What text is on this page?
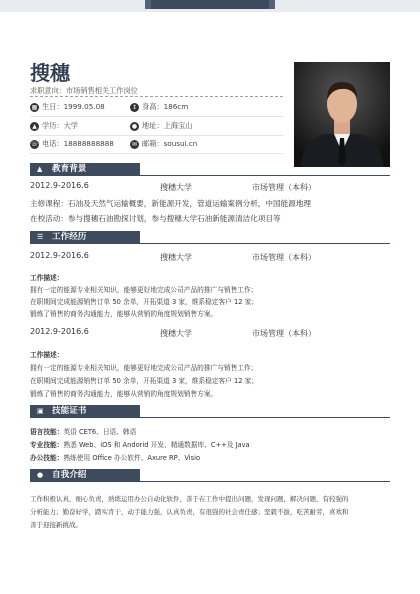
搜穗
求职意向：市场销售相关工作岗位
▦ 生日：1999.05.08	↕ 身高：186cm
▲ 学历：大学	● 地址：上海宝山
☏ 电话：18888888888	✉ 邮箱：sousui.cn
▲	教育背景
2012.9-2016.6	搜穗大学	市场管理（本科）
主修课程：石油及天然气运输概要，新能源开发，管道运输案例分析，中国能源地理
在校活动：参与搜穗石油勘探讨划，参与搜穗大学石油新能源清洁化项目等
☰	工作经历
2012.9-2016.6	搜穗大学	市场管理（本科）
工作描述：
拥有一定的能源专业相关知识，能够更好地完成公司产品的推广与销售工作；
在职期间完成能源销售订单 50 余单，开拓渠道 3 家，维系稳定客户 12 家；
锻炼了销售的商务沟通能力，能够从营销的角度规划销售方案。
2012.9-2016.6	搜穗大学	市场管理（本科）
工作描述：
拥有一定的能源专业相关知识，能够更好地完成公司产品的推广与销售工作；
在职期间完成能源销售订单 50 余单，开拓渠道 3 家，维系稳定客户 12 家；
锻炼了销售的商务沟通能力，能够从营销的角度规划销售方案。
▣ 技能证书
语言技能：英语 CET6、日语、韩语
专业技能：熟悉 Web、iOS 和 Andorid 开发、精通数据库、C++及 Java
办公技能：熟练使用 Office 办公软件、Axure RP、Visio
●	自我介绍
工作积极认真，细心负责，熟练运用办公自动化软件，善于在工作中提出问题，发现问题，解决问题，有较强的
分析能力；勤奋好学，踏实肯干，动手能力强，认真负责，有很强的社会责任感；坚毅不拔，吃苦耐劳，喜欢和
善于迎接新挑战。
